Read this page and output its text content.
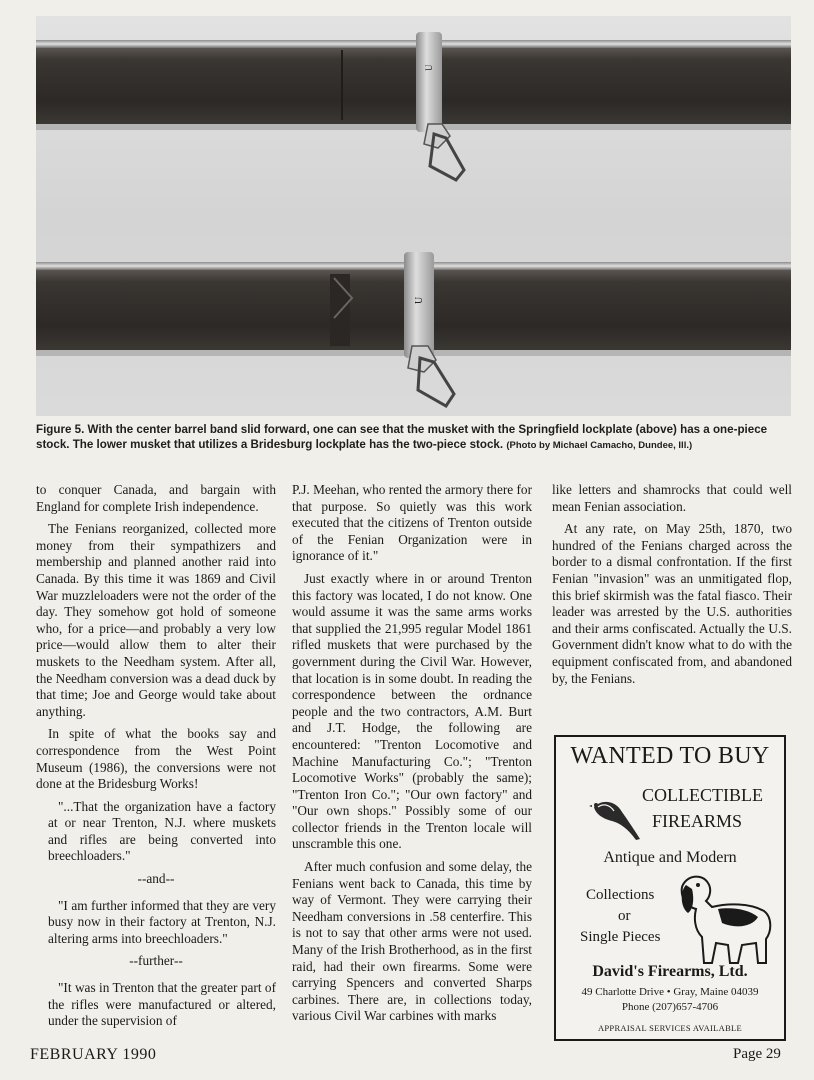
U
U

Figure 5. With the center barrel band slid forward, one can see that the musket with the Springfield lockplate (above) has a one-piece stock. The lower musket that utilizes a Bridesburg lockplate has the two-piece stock. (Photo by Michael Camacho, Dundee, Ill.)

to conquer Canada, and bargain with England for complete Irish independence.

The Fenians reorganized, collected more money from their sympathizers and membership and planned another raid into Canada. By this time it was 1869 and Civil War muzzleloaders were not the order of the day. They somehow got hold of someone who, for a price—and probably a very low price—would allow them to alter their muskets to the Needham system. After all, the Needham conversion was a dead duck by that time; Joe and George would take about anything.

In spite of what the books say and correspondence from the West Point Museum (1986), the conversions were not done at the Bridesburg Works!

"...That the organization have a factory at or near Trenton, N.J. where muskets and rifles are being converted into breechloaders."

--and--

"I am further informed that they are very busy now in their factory at Trenton, N.J. altering arms into breechloaders."

--further--

"It was in Trenton that the greater part of the rifles were manufactured or altered, under the supervision of

P.J. Meehan, who rented the armory there for that purpose. So quietly was this work executed that the citizens of Trenton outside of the Fenian Organization were in ignorance of it."

Just exactly where in or around Trenton this factory was located, I do not know. One would assume it was the same arms works that supplied the 21,995 regular Model 1861 rifled muskets that were purchased by the government during the Civil War. However, that location is in some doubt. In reading the correspondence between the ordnance people and the two contractors, A.M. Burt and J.T. Hodge, the following are encountered: "Trenton Locomotive and Machine Manufacturing Co."; "Trenton Locomotive Works" (probably the same); "Trenton Iron Co."; "Our own factory" and "Our own shops." Possibly some of our collector friends in the Trenton locale will unscramble this one.

After much confusion and some delay, the Fenians went back to Canada, this time by way of Vermont. They were carrying their Needham conversions in .58 centerfire. This is not to say that other arms were not used. Many of the Irish Brotherhood, as in the first raid, had their own firearms. Some were carrying Spencers and converted Sharps carbines. There are, in collections today, various Civil War carbines with marks

like letters and shamrocks that could well mean Fenian association.

At any rate, on May 25th, 1870, two hundred of the Fenians charged across the border to a dismal confrontation. If the first Fenian "invasion" was an unmitigated flop, this brief skirmish was the fatal fiasco. Their leader was arrested by the U.S. authorities and their arms confiscated. Actually the U.S. Government didn't know what to do with the equipment confiscated from, and abandoned by, the Fenians.

WANTED TO BUY
COLLECTIBLE
FIREARMS
Antique and Modern
Collections
or
Single Pieces
David's Firearms, Ltd.
49 Charlotte Drive • Gray, Maine 04039
Phone (207)657-4706
APPRAISAL SERVICES AVAILABLE
FEBRUARY 1990	Page 29
